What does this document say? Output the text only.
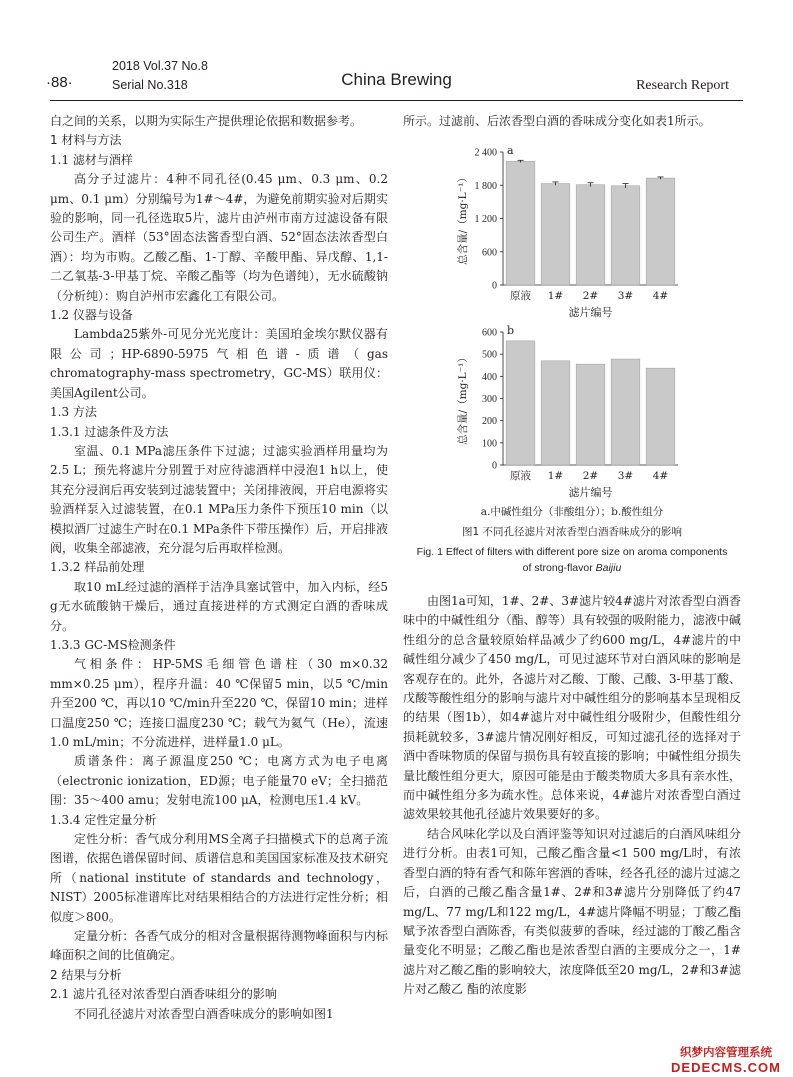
·88·
2018 Vol.37 No.8
Serial No.318	China Brewing	Research Report

白之间的关系，以期为实际生产提供理论依据和数据参考。

1 材料与方法

1.1 滤材与酒样

高分子过滤片：4种不同孔径(0.45 μm、0.3 μm、0.2 μm、0.1 μm）分别编号为1#～4#，为避免前期实验对后期实验的影响，同一孔径选取5片，滤片由泸州市南方过滤设备有限公司生产。酒样（53°固态法酱香型白酒、52°固态法浓香型白酒）：均为市购。乙酸乙酯、1-丁醇、辛酸甲酯、异戊醇、1,1-二乙氧基-3-甲基丁烷、辛酸乙酯等（均为色谱纯），无水硫酸钠（分析纯）：购自泸州市宏鑫化工有限公司。

1.2 仪器与设备

Lambda25紫外-可见分光光度计：美国珀金埃尔默仪器有限公司；HP-6890-5975气相色谱-质谱（gas chromatography-mass spectrometry，GC-MS）联用仪：美国Agilent公司。

1.3 方法

1.3.1 过滤条件及方法

室温、0.1 MPa滤压条件下过滤；过滤实验酒样用量均为2.5 L；预先将滤片分别置于对应待滤酒样中浸泡1 h以上，使其充分浸润后再安装到过滤装置中；关闭排液阀，开启电源将实验酒样泵入过滤装置，在0.1 MPa压力条件下预压10 min（以模拟酒厂过滤生产时在0.1 MPa条件下带压操作）后，开启排液阀，收集全部滤液，充分混匀后再取样检测。

1.3.2 样品前处理

取10 mL经过滤的酒样于洁净具塞试管中，加入内标，经5 g无水硫酸钠干燥后，通过直接进样的方式测定白酒的香味成分。

1.3.3 GC-MS检测条件

气相条件：HP-5MS毛细管色谱柱（30 m×0.32 mm×0.25 μm），程序升温：40 ℃保留5 min，以5 ℃/min升至200 ℃，再以10 ℃/min升至220 ℃，保留10 min；进样口温度250 ℃；连接口温度230 ℃；载气为氦气（He），流速1.0 mL/min；不分流进样，进样量1.0 μL。

质谱条件：离子源温度250 ℃；电离方式为电子电离（electronic ionization，ED源；电子能量70 eV；全扫描范围：35～400 amu；发射电流100 μA，检测电压1.4 kV。

1.3.4 定性定量分析

定性分析：香气成分利用MS全离子扫描模式下的总离子流图谱，依据色谱保留时间、质谱信息和美国国家标准及技术研究所（national institute of standards and technology，NIST）2005标准谱库比对结果相结合的方法进行定性分析；相似度＞800。

定量分析：各香气成分的相对含量根据待测物峰面积与内标峰面积之间的比值确定。

2 结果与分析

2.1 滤片孔径对浓香型白酒香味组分的影响

不同孔径滤片对浓香型白酒香味成分的影响如图1

所示。过滤前、后浓香型白酒的香味成分变化如表1所示。

0
600
1 200
1 800
2 400
原液 1# 2# 3# 4#
a
滤片编号
总含量/（mg·L⁻¹）
0
100
200
300
400
500
600
原液 1# 2# 3# 4#
b
滤片编号
总含量/（mg·L⁻¹）
a.中碱性组分（非酸组分）；b.酸性组分
图1 不同孔径滤片对浓香型白酒香味成分的影响
Fig. 1 Effect of filters with different pore size on aroma components
of strong-flavor Baijiu

由图1a可知，1#、2#、3#滤片较4#滤片对浓香型白酒香味中的中碱性组分（酯、醇等）具有较强的吸附能力，滤液中碱性组分的总含量较原始样品减少了约600 mg/L，4#滤片的中碱性组分减少了450 mg/L，可见过滤环节对白酒风味的影响是客观存在的。此外，各滤片对乙酸、丁酸、己酸、3-甲基丁酸、戊酸等酸性组分的影响与滤片对中碱性组分的影响基本呈现相反的结果（图1b），如4#滤片对中碱性组分吸附少，但酸性组分损耗就较多，3#滤片情况刚好相反，可知过滤孔径的选择对于酒中香味物质的保留与损伤具有较直接的影响；中碱性组分损失量比酸性组分更大，原因可能是由于酸类物质大多具有亲水性，而中碱性组分多为疏水性。总体来说，4#滤片对浓香型白酒过滤效果较其他孔径滤片效果要好的多。

结合风味化学以及白酒评鉴等知识对过滤后的白酒风味组分进行分析。由表1可知，己酸乙酯含量<1 500 mg/L时，有浓香型白酒的特有香气和陈年窖酒的香味，经各孔径的滤片过滤之后，白酒的己酸乙酯含量1#、2#和3#滤片分别降低了约47 mg/L、77 mg/L和122 mg/L，4#滤片降幅不明显；丁酸乙酯赋予浓香型白酒陈香，有类似菠萝的香味，经过滤的丁酸乙酯含量变化不明显；乙酸乙酯也是浓香型白酒的主要成分之一，1#滤片对乙酸乙酯的影响较大，浓度降低至20 mg/L，2#和3#滤片对乙酸乙 酯的浓度影

织梦内容管理系统
DEDECMS.COM
